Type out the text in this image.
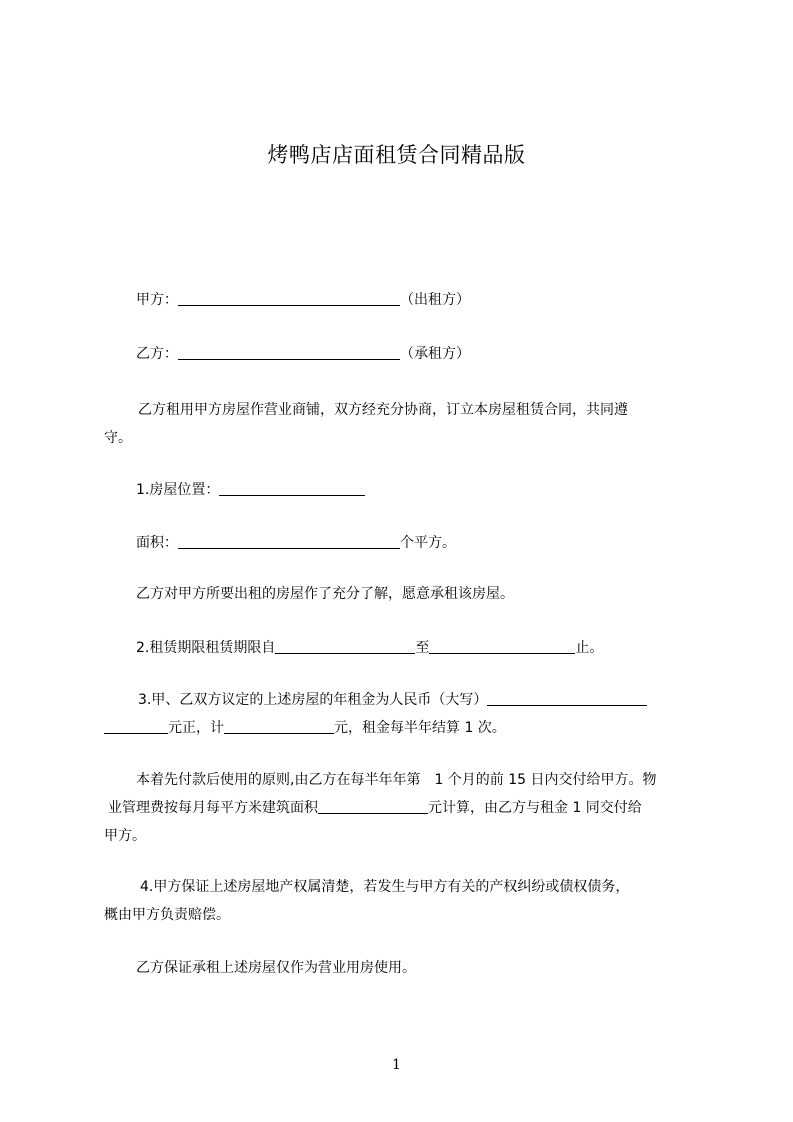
烤鸭店店面租赁合同精品版
甲方：	（出租方）
乙方：	（承租方）
乙方租用甲方房屋作营业商铺，双方经充分协商，订立本房屋租赁合同，共同遵
守。
1.房屋位置：
面积：	个平方。
乙方对甲方所要出租的房屋作了充分了解，愿意承租该房屋。
2.租赁期限租赁期限自	至	止。
3.甲、乙双方议定的上述房屋的年租金为人民币（大写）
元正，计	元，租金每半年结算 1 次。
本着先付款后使用的原则,由乙方在每半年年第　1 个月的前 15 日内交付给甲方。物
业管理费按每月每平方米建筑面积	元计算，由乙方与租金 1 同交付给
甲方。
4.甲方保证上述房屋地产权属清楚，若发生与甲方有关的产权纠纷或债权债务，
概由甲方负责赔偿。
乙方保证承租上述房屋仅作为营业用房使用。
1
